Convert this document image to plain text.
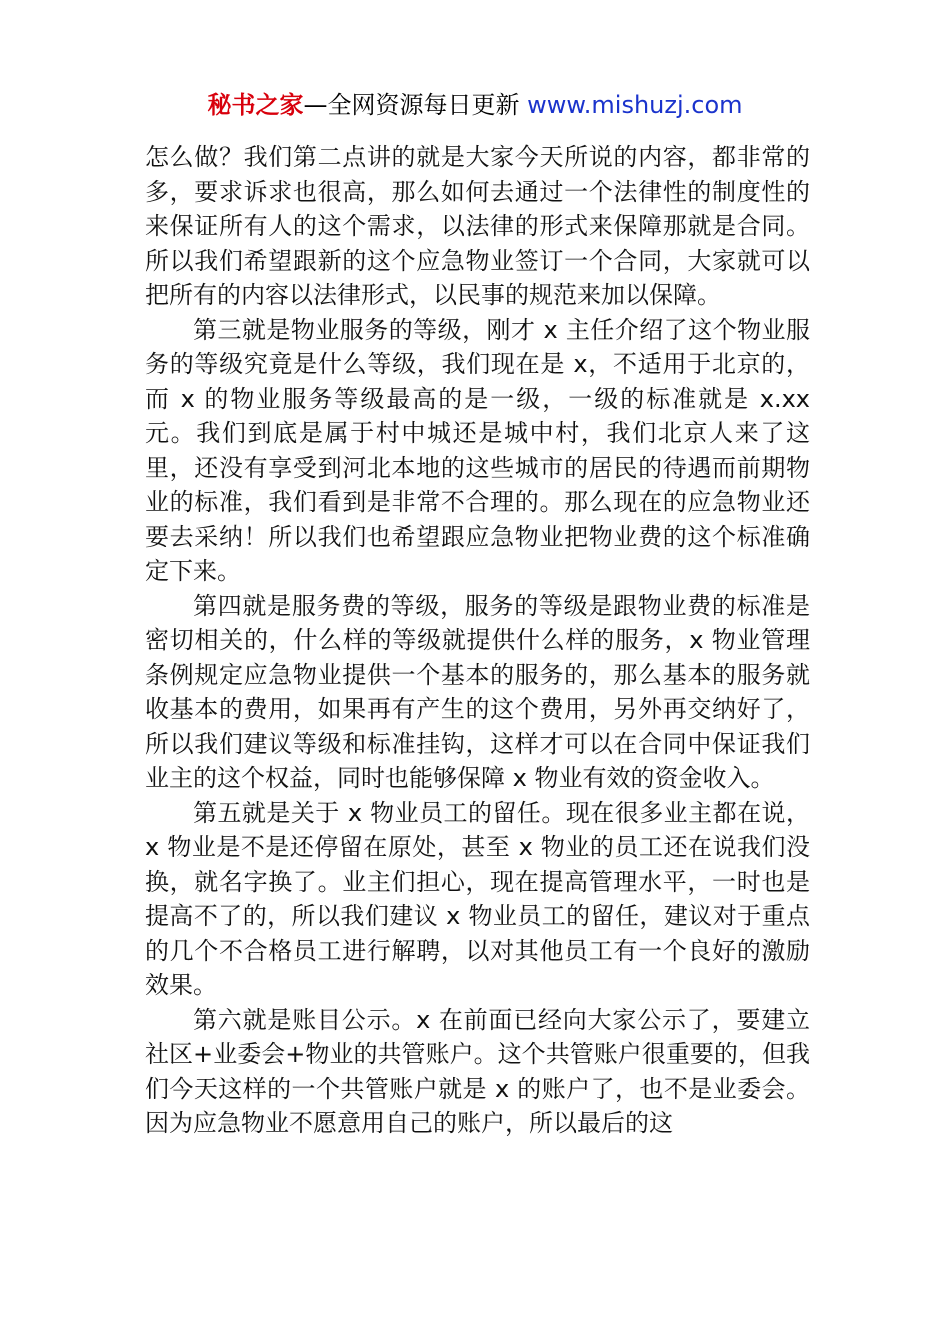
秘书之家—全网资源每日更新 www.mishuzj.com

怎么做？我们第二点讲的就是大家今天所说的内容，都非常的多，要求诉求也很高，那么如何去通过一个法律性的制度性的来保证所有人的这个需求，以法律的形式来保障那就是合同。所以我们希望跟新的这个应急物业签订一个合同，大家就可以把所有的内容以法律形式，以民事的规范来加以保障。

第三就是物业服务的等级，刚才 x 主任介绍了这个物业服务的等级究竟是什么等级，我们现在是 x，不适用于北京的，而 x 的物业服务等级最高的是一级，一级的标准就是 x.xx 元。我们到底是属于村中城还是城中村，我们北京人来了这里，还没有享受到河北本地的这些城市的居民的待遇而前期物业的标准，我们看到是非常不合理的。那么现在的应急物业还要去采纳！所以我们也希望跟应急物业把物业费的这个标准确定下来。

第四就是服务费的等级，服务的等级是跟物业费的标准是密切相关的，什么样的等级就提供什么样的服务，x 物业管理条例规定应急物业提供一个基本的服务的，那么基本的服务就收基本的费用，如果再有产生的这个费用，另外再交纳好了，所以我们建议等级和标准挂钩，这样才可以在合同中保证我们业主的这个权益，同时也能够保障 x 物业有效的资金收入。

第五就是关于 x 物业员工的留任。现在很多业主都在说，x 物业是不是还停留在原处，甚至 x 物业的员工还在说我们没换，就名字换了。业主们担心，现在提高管理水平，一时也是提高不了的，所以我们建议 x 物业员工的留任，建议对于重点的几个不合格员工进行解聘，以对其他员工有一个良好的激励效果。

第六就是账目公示。x 在前面已经向大家公示了，要建立社区+业委会+物业的共管账户。这个共管账户很重要的，但我们今天这样的一个共管账户就是 x 的账户了，也不是业委会。因为应急物业不愿意用自己的账户，所以最后的这
